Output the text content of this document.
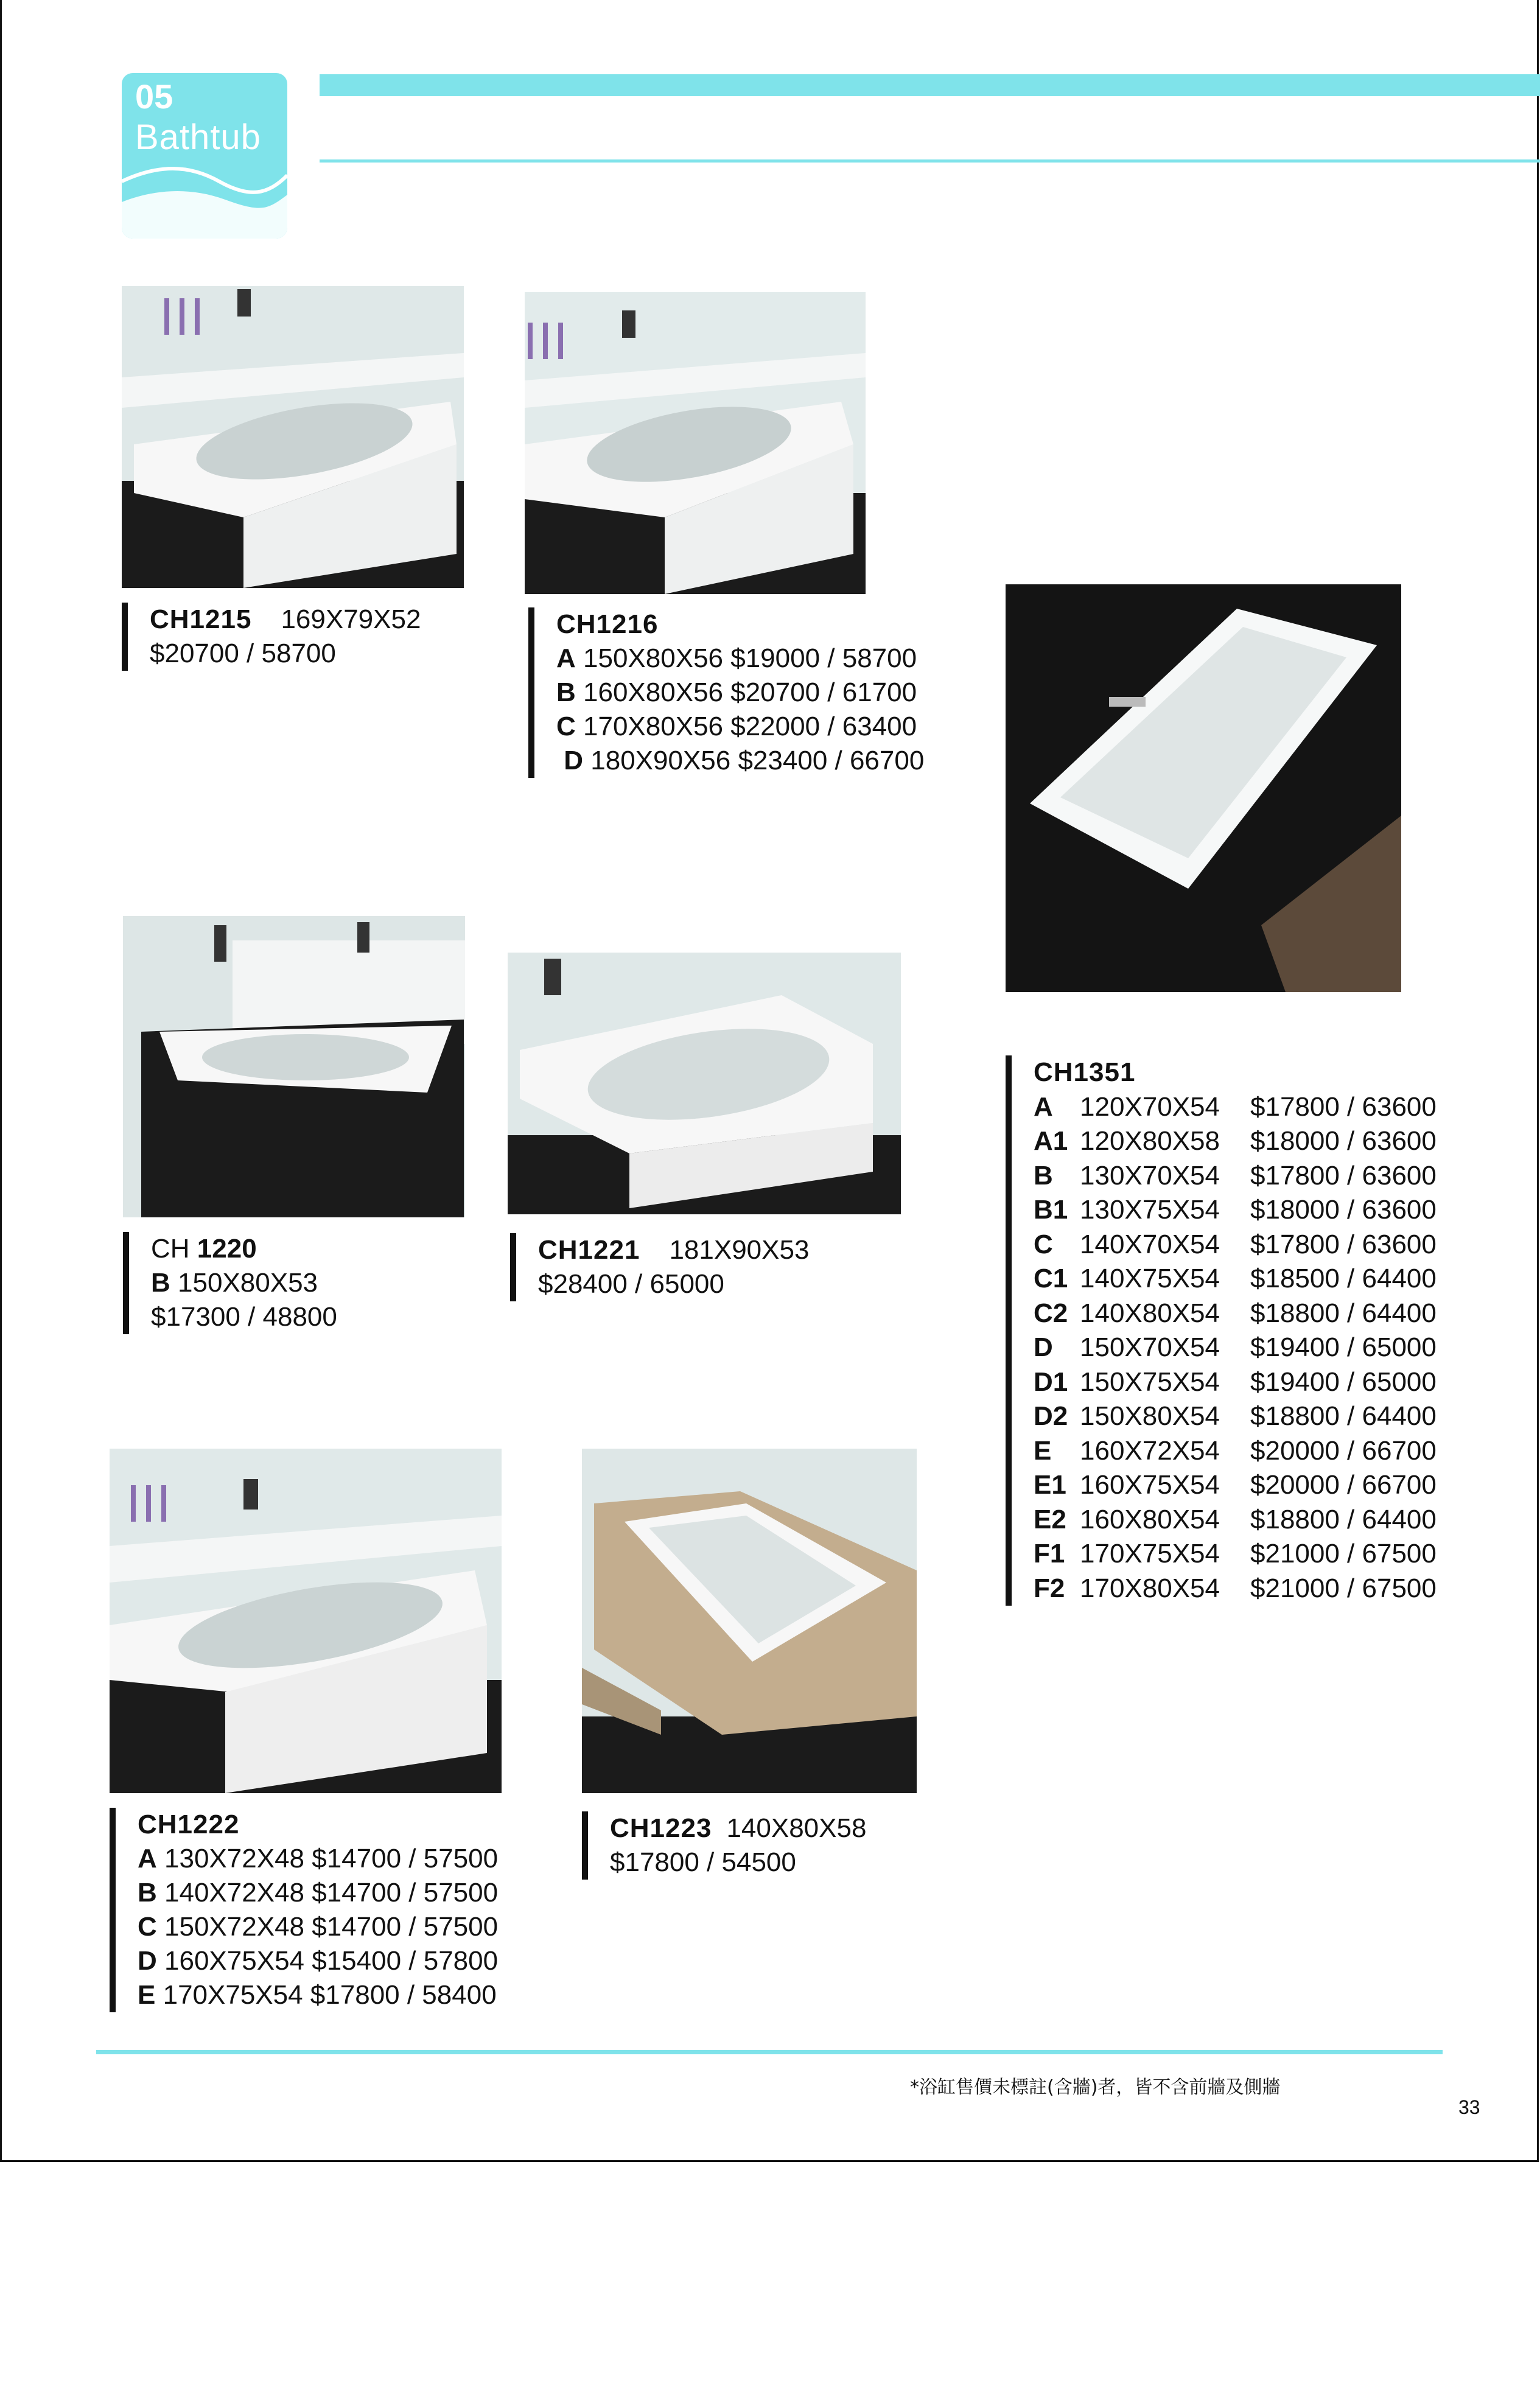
05
Bathtub
CH1215 169X79X52
$20700 / 58700
CH1216
A 150X80X56 $19000 / 58700
B 160X80X56 $20700 / 61700
C 170X80X56 $22000 / 63400
D 180X90X56 $23400 / 66700
CH1351
A 120X70X54 $17800 / 63600
A1 120X80X58 $18000 / 63600
B 130X70X54 $17800 / 63600
B1 130X75X54 $18000 / 63600
C 140X70X54 $17800 / 63600
C1 140X75X54 $18500 / 64400
C2 140X80X54 $18800 / 64400
D 150X70X54 $19400 / 65000
D1 150X75X54 $19400 / 65000
D2 150X80X54 $18800 / 64400
E 160X72X54 $20000 / 66700
E1 160X75X54 $20000 / 66700
E2 160X80X54 $18800 / 64400
F1 170X75X54 $21000 / 67500
F2 170X80X54 $21000 / 67500
CH 1220
B 150X80X53
$17300 / 48800
CH1221 181X90X53
$28400 / 65000
CH1222
A 130X72X48 $14700 / 57500
B 140X72X48 $14700 / 57500
C 150X72X48 $14700 / 57500
D 160X75X54 $15400 / 57800
E 170X75X54 $17800 / 58400
CH1223 140X80X58
$17800 / 54500
*浴缸售價未標註(含牆)者，皆不含前牆及側牆
33
